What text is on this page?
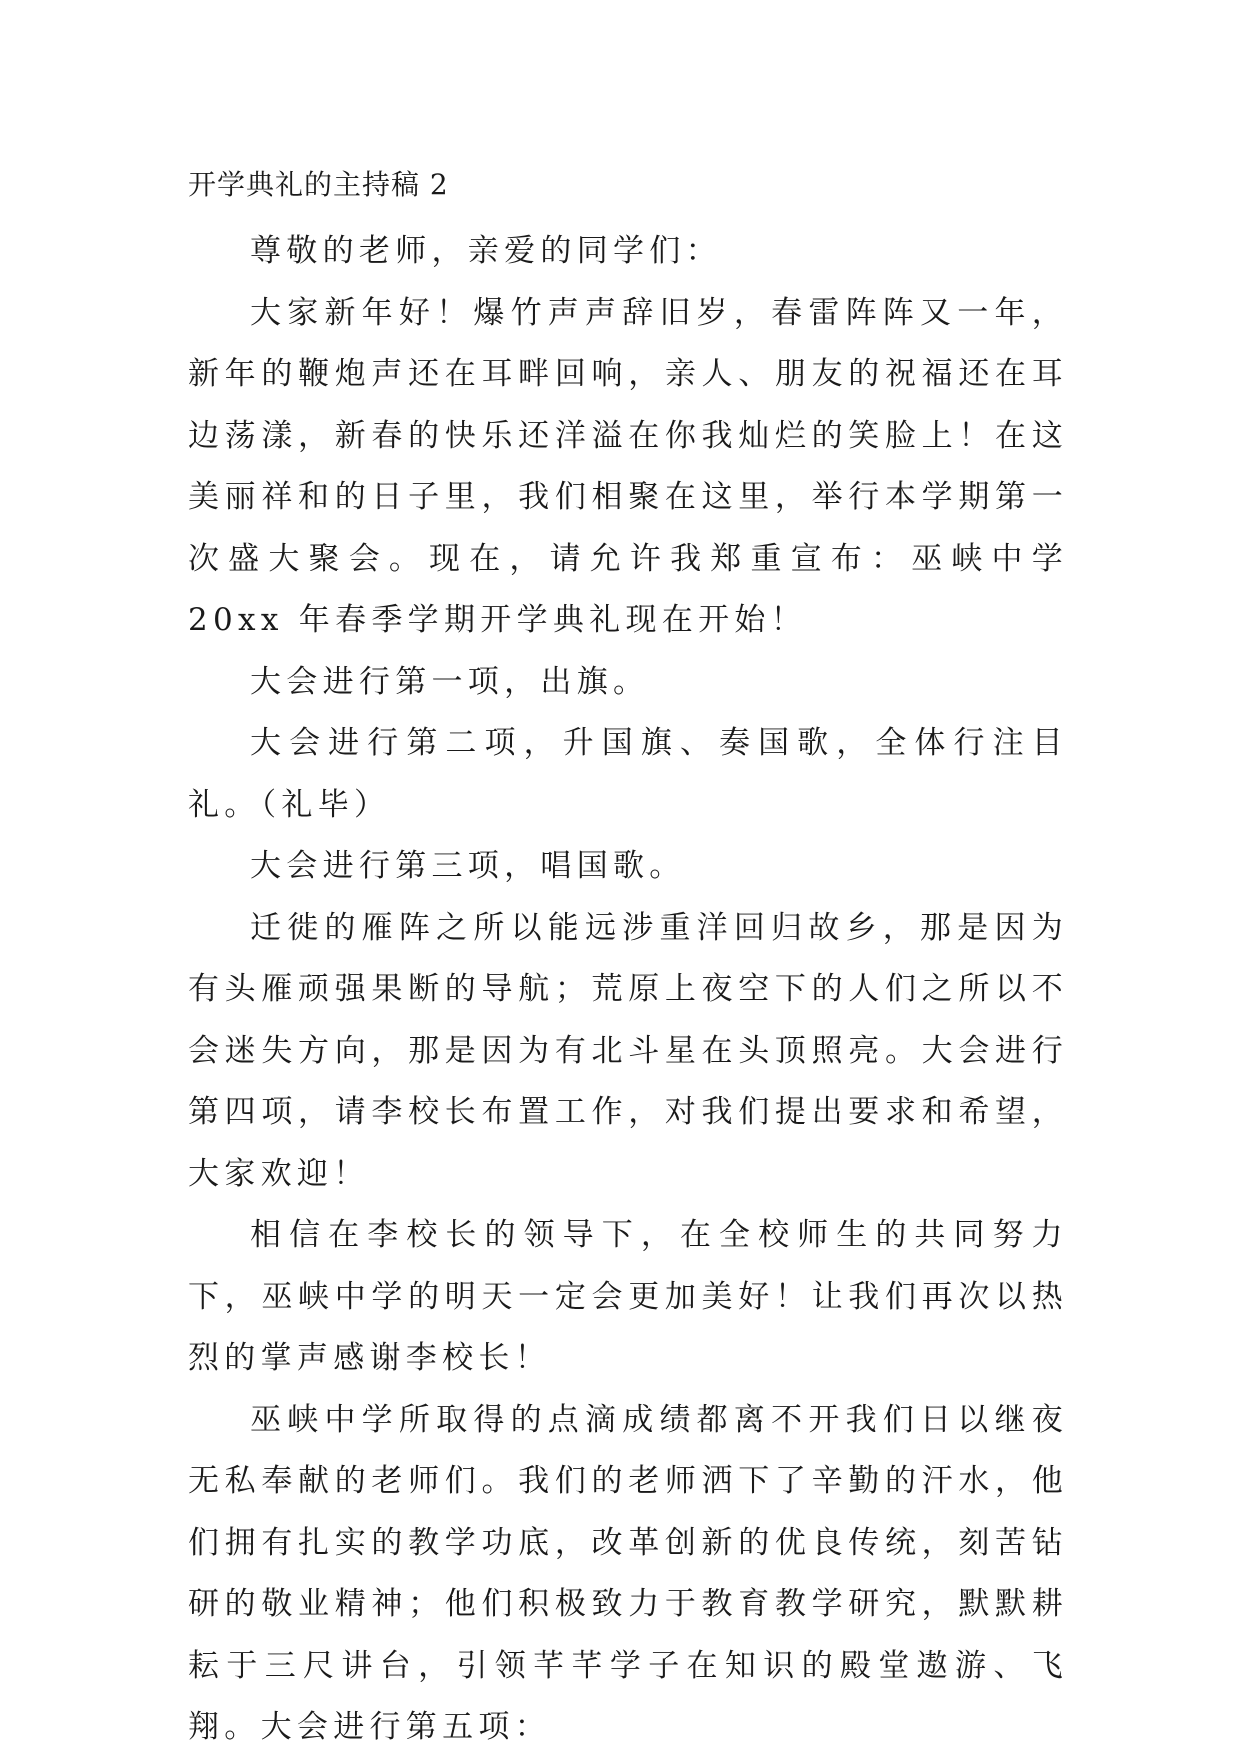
开学典礼的主持稿 2

尊敬的老师，亲爱的同学们：

大家新年好！爆竹声声辞旧岁，春雷阵阵又一年，新年的鞭炮声还在耳畔回响，亲人、朋友的祝福还在耳边荡漾，新春的快乐还洋溢在你我灿烂的笑脸上！在这美丽祥和的日子里，我们相聚在这里，举行本学期第一次盛大聚会。现在，请允许我郑重宣布：巫峡中学 20xx 年春季学期开学典礼现在开始！

大会进行第一项，出旗。

大会进行第二项，升国旗、奏国歌，全体行注目礼。（礼毕）

大会进行第三项，唱国歌。

迁徙的雁阵之所以能远涉重洋回归故乡，那是因为有头雁顽强果断的导航；荒原上夜空下的人们之所以不会迷失方向，那是因为有北斗星在头顶照亮。大会进行第四项，请李校长布置工作，对我们提出要求和希望，大家欢迎！

相信在李校长的领导下，在全校师生的共同努力下，巫峡中学的明天一定会更加美好！让我们再次以热烈的掌声感谢李校长！

巫峡中学所取得的点滴成绩都离不开我们日以继夜无私奉献的老师们。我们的老师洒下了辛勤的汗水，他们拥有扎实的教学功底，改革创新的优良传统，刻苦钻研的敬业精神；他们积极致力于教育教学研究，默默耕耘于三尺讲台，引领芊芊学子在知识的殿堂遨游、飞翔。大会进行第五项：
